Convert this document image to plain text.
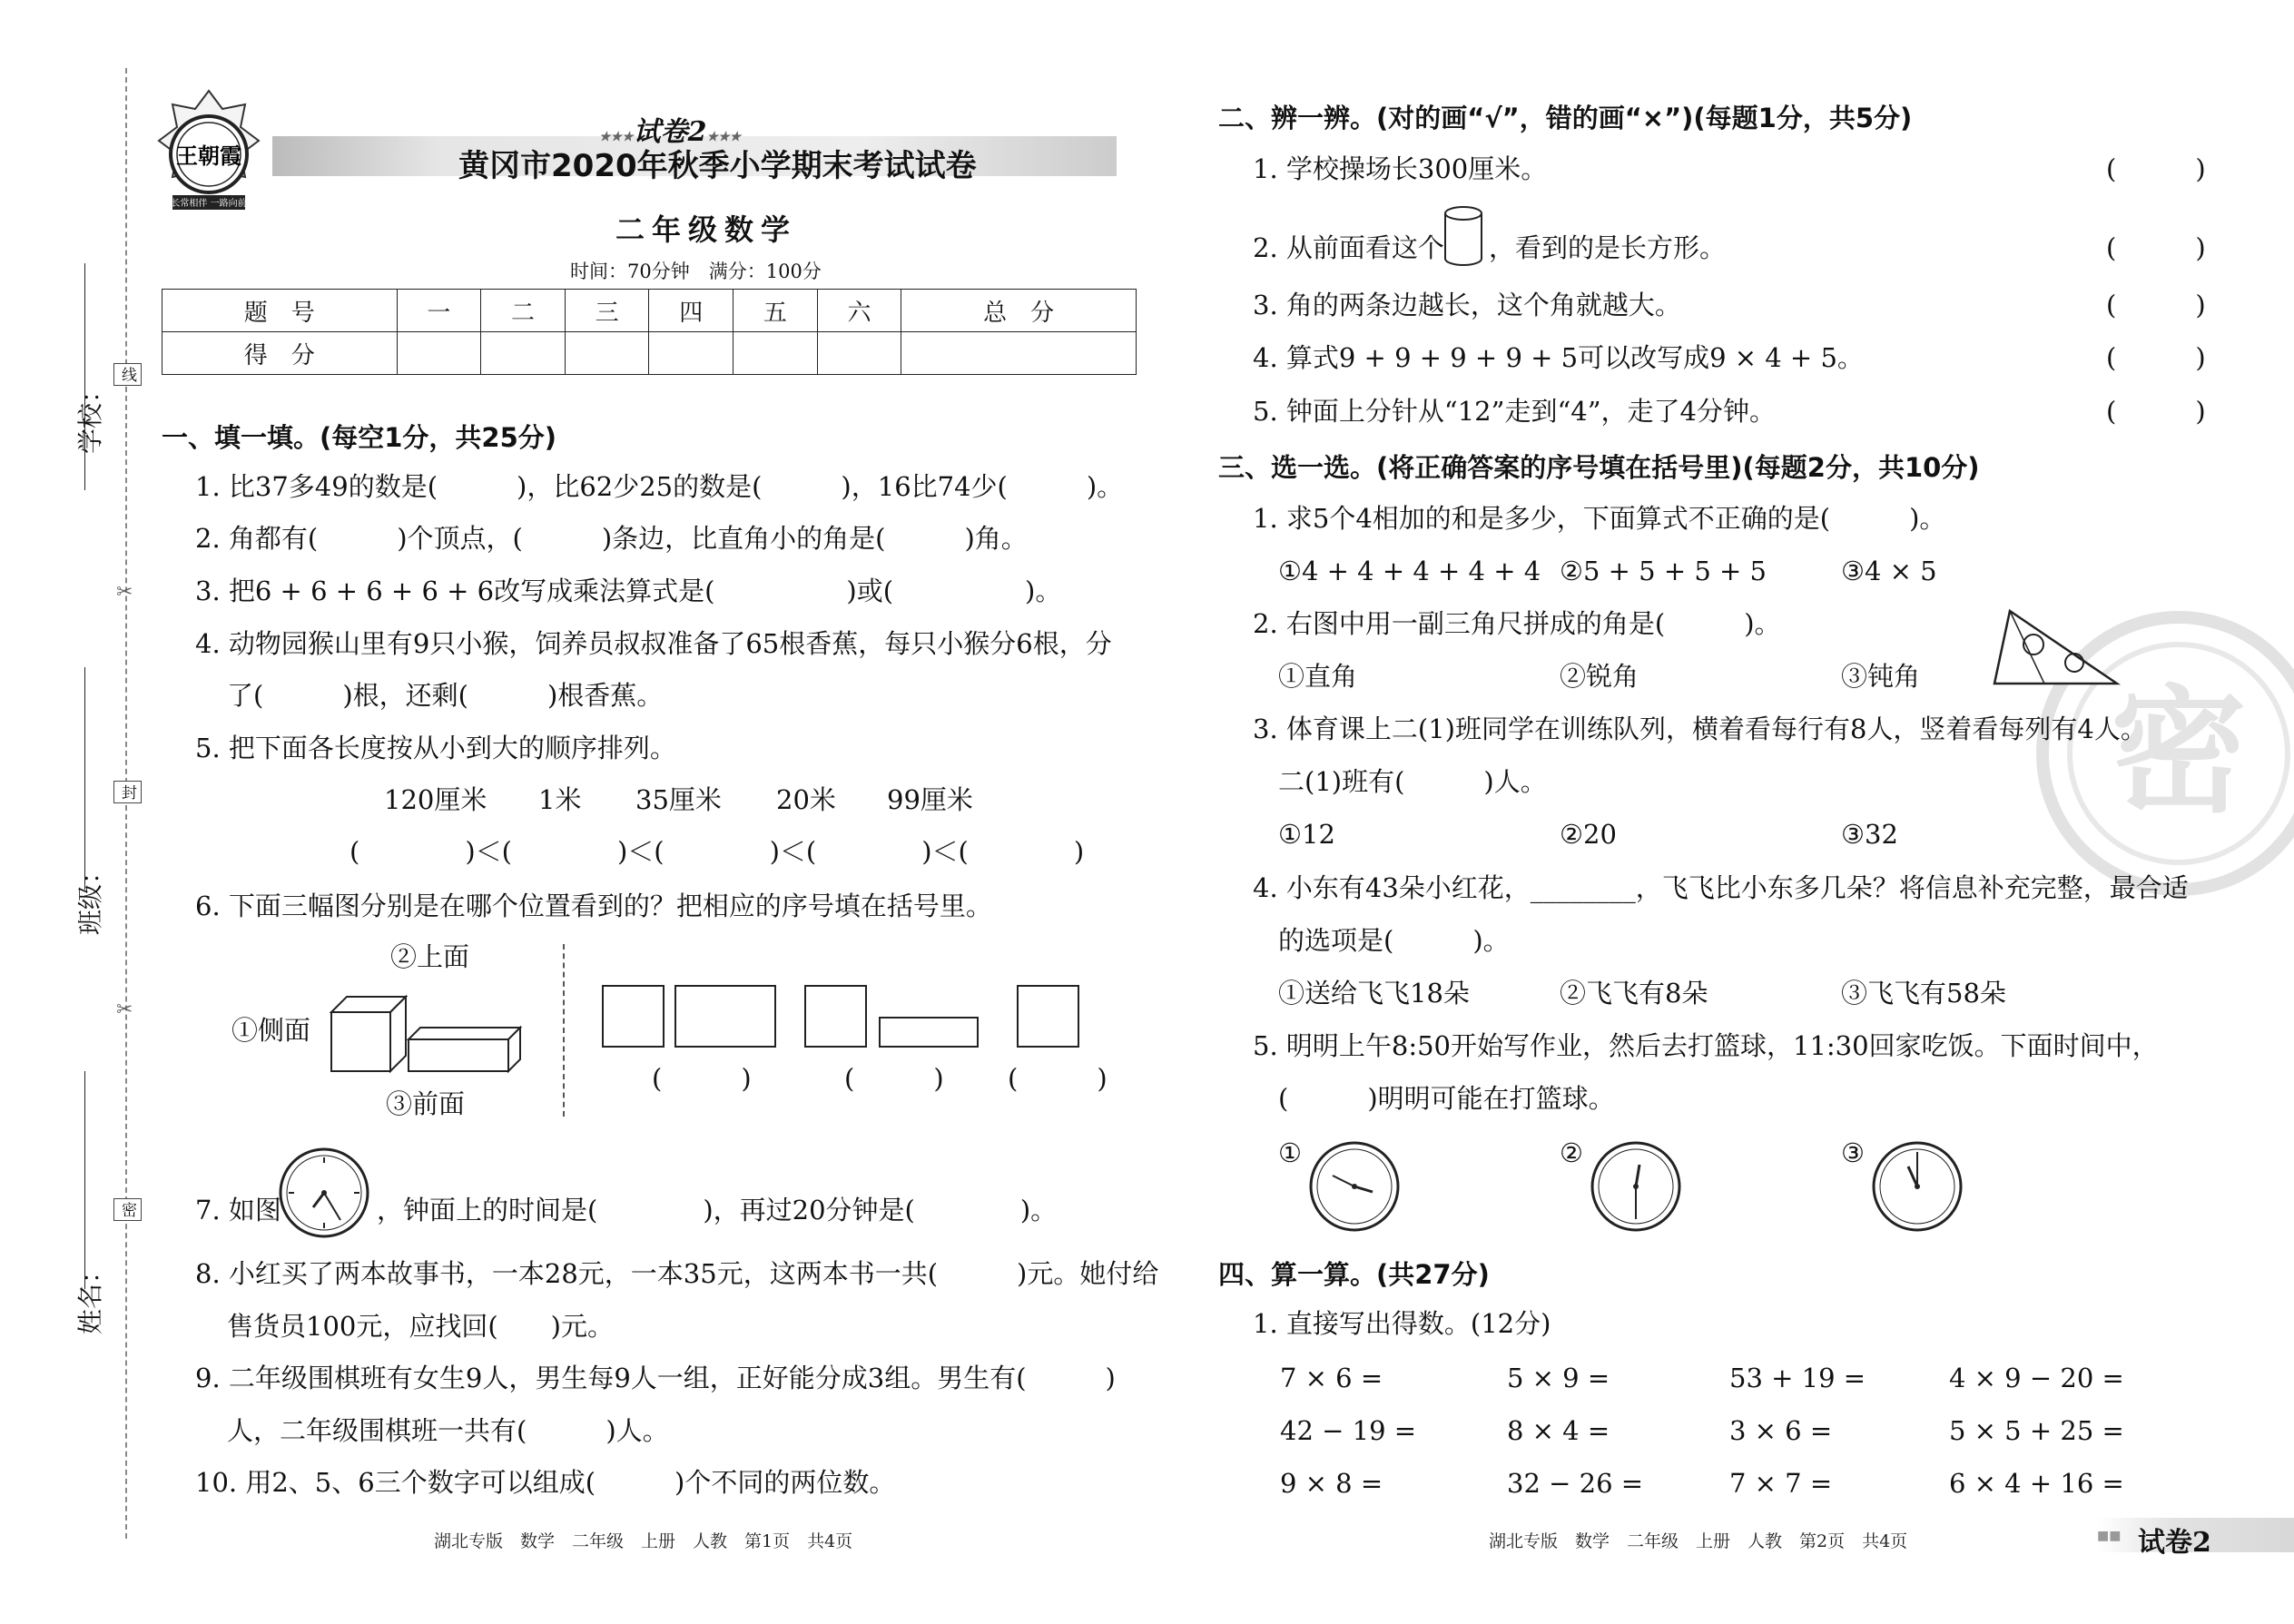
线
封
密
✂
✂
学校：
班级：
姓名：
王朝霞
成长常相伴 一路向前冲
★★★试卷2★★★
黄冈市2020年秋季小学期末考试试卷
二年级数学
时间：70分钟　满分：100分
题　号	一	二	三	四	五	六	总　分
得　分							
一、填一填。(每空1分，共25分)
1. 比37多49的数是(　　　)，比62少25的数是(　　　)，16比74少(　　　)。
2. 角都有(　　　)个顶点，(　　　)条边，比直角小的角是(　　　)角。
3. 把6 + 6 + 6 + 6 + 6改写成乘法算式是(　　　　　)或(　　　　　)。
4. 动物园猴山里有9只小猴，饲养员叔叔准备了65根香蕉，每只小猴分6根，分
了(　　　)根，还剩(　　　)根香蕉。
5. 把下面各长度按从小到大的顺序排列。
120厘米 1米 35厘米 20米 99厘米
(　　　　)＜(　　　　)＜(　　　　)＜(　　　　)＜(　　　　)
6. 下面三幅图分别是在哪个位置看到的？把相应的序号填在括号里。
②上面
①侧面
③前面
(　　　)	(　　　) (　　　)
7. 如图	，钟面上的时间是(　　　　)，再过20分钟是(　　　　)。
8. 小红买了两本故事书，一本28元，一本35元，这两本书一共(　　　)元。她付给
售货员100元，应找回(　　)元。
9. 二年级围棋班有女生9人，男生每9人一组，正好能分成3组。男生有(　　　)
人，二年级围棋班一共有(　　　)人。
10. 用2、5、6三个数字可以组成(　　　)个不同的两位数。
湖北专版　数学　二年级　上册　人教　第1页　共4页
密
二、辨一辨。(对的画“√”，错的画“×”)(每题1分，共5分)
1. 学校操场长300厘米。
2. 从前面看这个 ，看到的是长方形。
3. 角的两条边越长，这个角就越大。
4. 算式9 + 9 + 9 + 9 + 5可以改写成9 × 4 + 5。
5. 钟面上分针从“12”走到“4”，走了4分钟。
(　　　)
(　　　)
(　　　)
(　　　)
(　　　)
三、选一选。(将正确答案的序号填在括号里)(每题2分，共10分)
1. 求5个4相加的和是多少，下面算式不正确的是(　　　)。
①4 + 4 + 4 + 4 + 4 ②5 + 5 + 5 + 5	③4 × 5
2. 右图中用一副三角尺拼成的角是(　　　)。
①直角	②锐角	③钝角
3. 体育课上二(1)班同学在训练队列，横着看每行有8人，竖着看每列有4人。
二(1)班有(　　　)人。
①12	②20	③32
4. 小东有43朵小红花，________，飞飞比小东多几朵？将信息补充完整，最合适
的选项是(　　　)。
①送给飞飞18朵	②飞飞有8朵	③飞飞有58朵
5. 明明上午8:50开始写作业，然后去打篮球，11:30回家吃饭。下面时间中，
(　　　)明明可能在打篮球。
①	②	③
四、算一算。(共27分)
1. 直接写出得数。(12分)
7 × 6 =	5 × 9 =	53 + 19 =	4 × 9 − 20 =
42 − 19 =	8 × 4 =	3 × 6 =	5 × 5 + 25 =
9 × 8 =	32 − 26 =	7 × 7 =	6 × 4 + 16 =
湖北专版　数学　二年级　上册　人教　第2页　共4页	■■ 试卷2
